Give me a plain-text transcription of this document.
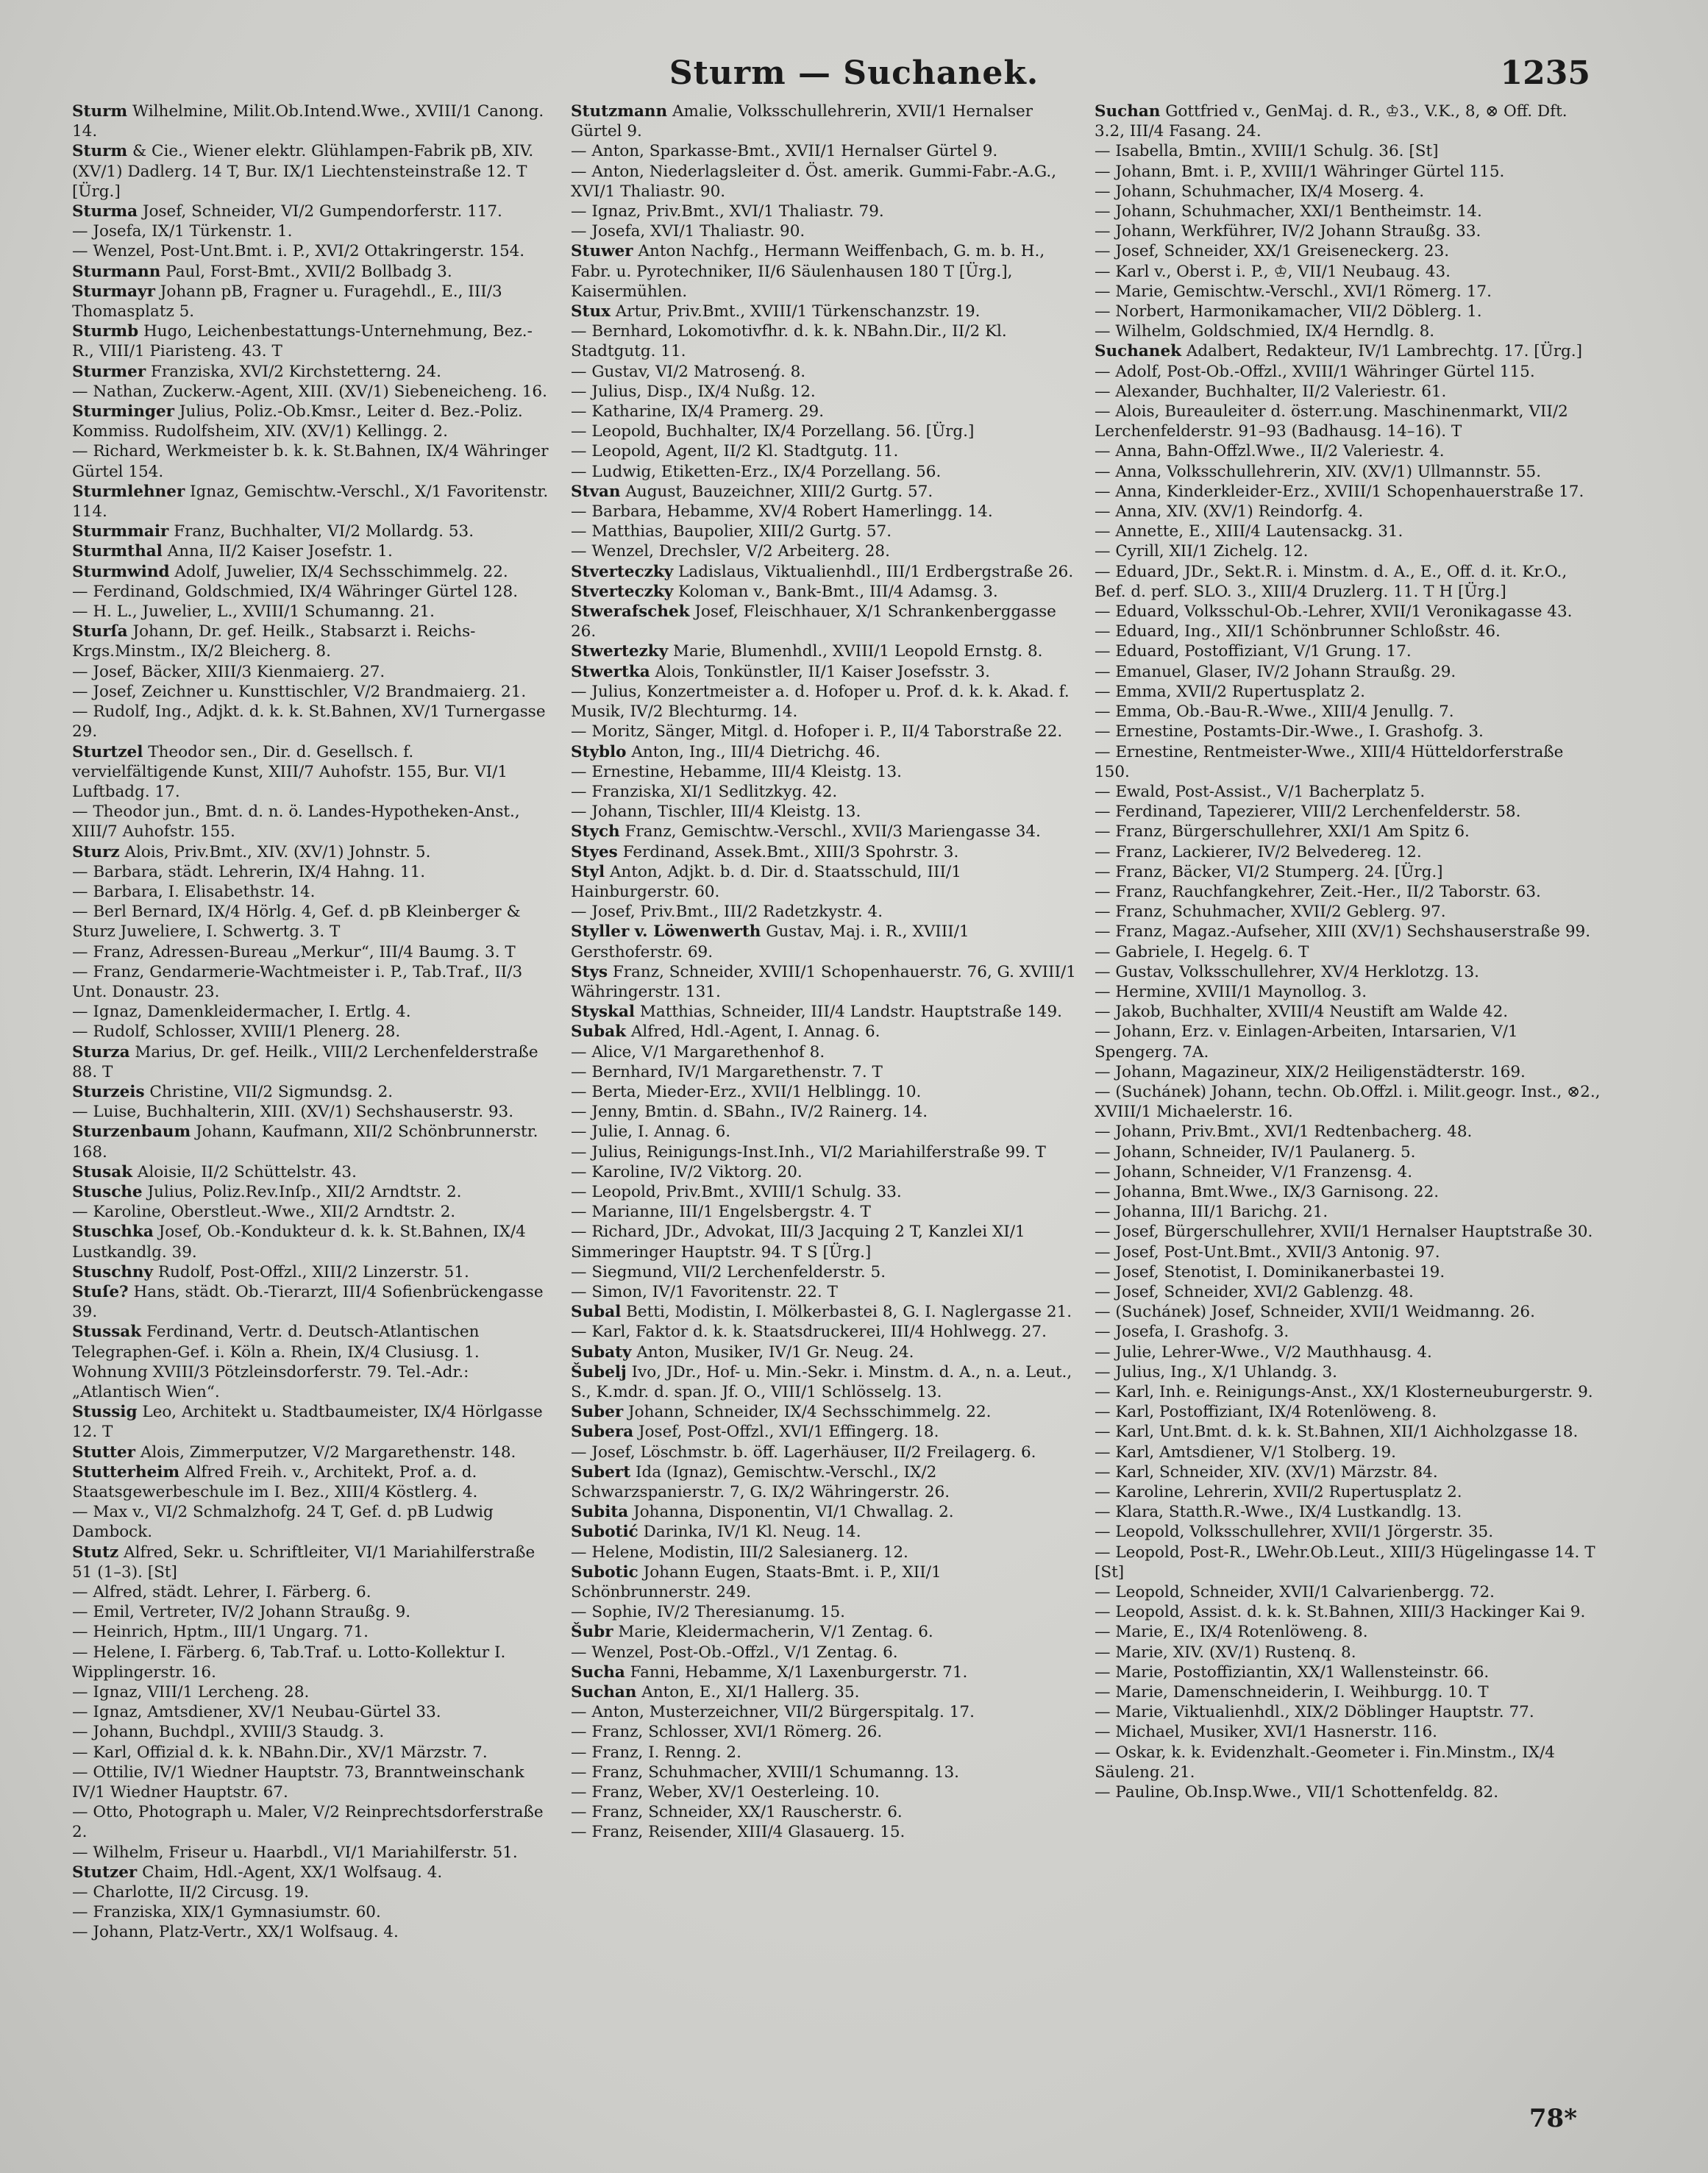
Sturm — Suchanek.	1235

Sturm Wilhelmine, Milit.Ob.Intend.Wwe., XVIII/1 Canong. 14.

Sturm & Cie., Wiener elektr. Glühlampen-Fabrik pB, XIV. (XV/1) Dadlerg. 14 T, Bur. IX/1 Liechtensteinstraße 12. T [Ürg.]

Sturma Josef, Schneider, VI/2 Gumpendorferstr. 117.

— Josefa, IX/1 Türkenstr. 1.

— Wenzel, Post-Unt.Bmt. i. P., XVI/2 Ottakringerstr. 154.

Sturmann Paul, Forst-Bmt., XVII/2 Bollbadg 3.

Sturmayr Johann pB, Fragner u. Furagehdl., E., III/3 Thomasplatz 5.

Sturmb Hugo, Leichenbestattungs-Unternehmung, Bez.-R., VIII/1 Piaristeng. 43. T

Sturmer Franziska, XVI/2 Kirchstetterng. 24.

— Nathan, Zuckerw.-Agent, XIII. (XV/1) Siebeneicheng. 16.

Sturminger Julius, Poliz.-Ob.Kmsr., Leiter d. Bez.-Poliz. Kommiss. Rudolfsheim, XIV. (XV/1) Kellingg. 2.

— Richard, Werkmeister b. k. k. St.Bahnen, IX/4 Währinger Gürtel 154.

Sturmlehner Ignaz, Gemischtw.-Verschl., X/1 Favoritenstr. 114.

Sturmmair Franz, Buchhalter, VI/2 Mollardg. 53.

Sturmthal Anna, II/2 Kaiser Josefstr. 1.

Sturmwind Adolf, Juwelier, IX/4 Sechsschimmelg. 22.

— Ferdinand, Goldschmied, IX/4 Währinger Gürtel 128.

— H. L., Juwelier, L., XVIII/1 Schumanng. 21.

Sturſa Johann, Dr. gef. Heilk., Stabsarzt i. Reichs-Krgs.Minstm., IX/2 Bleicherg. 8.

— Josef, Bäcker, XIII/3 Kienmaierg. 27.

— Josef, Zeichner u. Kunsttischler, V/2 Brandmaierg. 21.

— Rudolf, Ing., Adjkt. d. k. k. St.Bahnen, XV/1 Turnergasse 29.

Sturtzel Theodor sen., Dir. d. Gesellsch. f. vervielfältigende Kunst, XIII/7 Auhofstr. 155, Bur. VI/1 Luftbadg. 17.

— Theodor jun., Bmt. d. n. ö. Landes-Hypotheken-Anst., XIII/7 Auhofstr. 155.

Sturz Alois, Priv.Bmt., XIV. (XV/1) Johnstr. 5.

— Barbara, städt. Lehrerin, IX/4 Hahng. 11.

— Barbara, I. Elisabethstr. 14.

— Berl Bernard, IX/4 Hörlg. 4, Gef. d. pB Kleinberger & Sturz Juweliere, I. Schwertg. 3. T

— Franz, Adressen-Bureau „Merkur“, III/4 Baumg. 3. T

— Franz, Gendarmerie-Wachtmeister i. P., Tab.Traf., II/3 Unt. Donaustr. 23.

— Ignaz, Damenkleidermacher, I. Ertlg. 4.

— Rudolf, Schlosser, XVIII/1 Plenerg. 28.

Sturza Marius, Dr. gef. Heilk., VIII/2 Lerchenfelderstraße 88. T

Sturzeis Christine, VII/2 Sigmundsg. 2.

— Luise, Buchhalterin, XIII. (XV/1) Sechshauserstr. 93.

Sturzenbaum Johann, Kaufmann, XII/2 Schönbrunnerstr. 168.

Stusak Aloisie, II/2 Schüttelstr. 43.

Stusche Julius, Poliz.Rev.Inſp., XII/2 Arndtstr. 2.

— Karoline, Oberstleut.-Wwe., XII/2 Arndtstr. 2.

Stuschka Josef, Ob.-Kondukteur d. k. k. St.Bahnen, IX/4 Lustkandlg. 39.

Stuschny Rudolf, Post-Offzl., XIII/2 Linzerstr. 51.

Stuſe? Hans, städt. Ob.-Tierarzt, III/4 Sofienbrückengasse 39.

Stussak Ferdinand, Vertr. d. Deutsch-Atlantischen Telegraphen-Gef. i. Köln a. Rhein, IX/4 Clusiusg. 1. Wohnung XVIII/3 Pötzleinsdorferstr. 79. Tel.-Adr.: „Atlantisch Wien“.

Stussig Leo, Architekt u. Stadtbaumeister, IX/4 Hörlgasse 12. T

Stutter Alois, Zimmerputzer, V/2 Margarethenstr. 148.

Stutterheim Alfred Freih. v., Architekt, Prof. a. d. Staatsgewerbeschule im I. Bez., XIII/4 Köstlerg. 4.

— Max v., VI/2 Schmalzhofg. 24 T, Gef. d. pB Ludwig Dambock.

Stutz Alfred, Sekr. u. Schriftleiter, VI/1 Mariahilferstraße 51 (1–3). [St]

— Alfred, städt. Lehrer, I. Färberg. 6.

— Emil, Vertreter, IV/2 Johann Straußg. 9.

— Heinrich, Hptm., III/1 Ungarg. 71.

— Helene, I. Färberg. 6, Tab.Traf. u. Lotto-Kollektur I. Wipplingerstr. 16.

— Ignaz, VIII/1 Lercheng. 28.

— Ignaz, Amtsdiener, XV/1 Neubau-Gürtel 33.

— Johann, Buchdpl., XVIII/3 Staudg. 3.

— Karl, Offizial d. k. k. NBahn.Dir., XV/1 Märzstr. 7.

— Ottilie, IV/1 Wiedner Hauptstr. 73, Branntweinschank IV/1 Wiedner Hauptstr. 67.

— Otto, Photograph u. Maler, V/2 Reinprechtsdorferstraße 2.

— Wilhelm, Friseur u. Haarbdl., VI/1 Mariahilferstr. 51.

Stutzer Chaim, Hdl.-Agent, XX/1 Wolfsaug. 4.

— Charlotte, II/2 Circusg. 19.

— Franziska, XIX/1 Gymnasiumstr. 60.

— Johann, Platz-Vertr., XX/1 Wolfsaug. 4.

Stutzmann Amalie, Volksschullehrerin, XVII/1 Hernalser Gürtel 9.

— Anton, Sparkasse-Bmt., XVII/1 Hernalser Gürtel 9.

— Anton, Niederlagsleiter d. Öst. amerik. Gummi-Fabr.-A.G., XVI/1 Thaliastr. 90.

— Ignaz, Priv.Bmt., XVI/1 Thaliastr. 79.

— Josefa, XVI/1 Thaliastr. 90.

Stuwer Anton Nachfg., Hermann Weiffenbach, G. m. b. H., Fabr. u. Pyrotechniker, II/6 Säulenhausen 180 T [Ürg.], Kaisermühlen.

Stux Artur, Priv.Bmt., XVIII/1 Türkenschanzstr. 19.

— Bernhard, Lokomotivfhr. d. k. k. NBahn.Dir., II/2 Kl. Stadtgutg. 11.

— Gustav, VI/2 Matrosenǵ. 8.

— Julius, Disp., IX/4 Nußg. 12.

— Katharine, IX/4 Pramerg. 29.

— Leopold, Buchhalter, IX/4 Porzellang. 56. [Ürg.]

— Leopold, Agent, II/2 Kl. Stadtgutg. 11.

— Ludwig, Etiketten-Erz., IX/4 Porzellang. 56.

Stvan August, Bauzeichner, XIII/2 Gurtg. 57.

— Barbara, Hebamme, XV/4 Robert Hamerlingg. 14.

— Matthias, Baupolier, XIII/2 Gurtg. 57.

— Wenzel, Drechsler, V/2 Arbeiterg. 28.

Stverteczky Ladislaus, Viktualienhdl., III/1 Erdbergstraße 26.

Stverteczky Koloman v., Bank-Bmt., III/4 Adamsg. 3.

Stwerafschek Josef, Fleischhauer, X/1 Schrankenberggasse 26.

Stwertezky Marie, Blumenhdl., XVIII/1 Leopold Ernstg. 8.

Stwertka Alois, Tonkünstler, II/1 Kaiser Josefsstr. 3.

— Julius, Konzertmeister a. d. Hofoper u. Prof. d. k. k. Akad. f. Musik, IV/2 Blechturmg. 14.

— Moritz, Sänger, Mitgl. d. Hofoper i. P., II/4 Taborstraße 22.

Styblo Anton, Ing., III/4 Dietrichg. 46.

— Ernestine, Hebamme, III/4 Kleistg. 13.

— Franziska, XI/1 Sedlitzkyg. 42.

— Johann, Tischler, III/4 Kleistg. 13.

Stych Franz, Gemischtw.-Verschl., XVII/3 Mariengasse 34.

Styes Ferdinand, Assek.Bmt., XIII/3 Spohrstr. 3.

Styl Anton, Adjkt. b. d. Dir. d. Staatsschuld, III/1 Hainburgerstr. 60.

— Josef, Priv.Bmt., III/2 Radetzkystr. 4.

Styller v. Löwenwerth Gustav, Maj. i. R., XVIII/1 Gersthoferstr. 69.

Stys Franz, Schneider, XVIII/1 Schopenhauerstr. 76, G. XVIII/1 Währingerstr. 131.

Styskal Matthias, Schneider, III/4 Landstr. Hauptstraße 149.

Subak Alfred, Hdl.-Agent, I. Annag. 6.

— Alice, V/1 Margarethenhof 8.

— Bernhard, IV/1 Margarethenstr. 7. T

— Berta, Mieder-Erz., XVII/1 Helblingg. 10.

— Jenny, Bmtin. d. SBahn., IV/2 Rainerg. 14.

— Julie, I. Annag. 6.

— Julius, Reinigungs-Inst.Inh., VI/2 Mariahilferstraße 99. T

— Karoline, IV/2 Viktorg. 20.

— Leopold, Priv.Bmt., XVIII/1 Schulg. 33.

— Marianne, III/1 Engelsbergstr. 4. T

— Richard, JDr., Advokat, III/3 Jacquing 2 T, Kanzlei XI/1 Simmeringer Hauptstr. 94. T S [Ürg.]

— Siegmund, VII/2 Lerchenfelderstr. 5.

— Simon, IV/1 Favoritenstr. 22. T

Subal Betti, Modistin, I. Mölkerbastei 8, G. I. Naglergasse 21.

— Karl, Faktor d. k. k. Staatsdruckerei, III/4 Hohlwegg. 27.

Subaty Anton, Musiker, IV/1 Gr. Neug. 24.

Šubelj Ivo, JDr., Hof- u. Min.-Sekr. i. Minstm. d. A., n. a. Leut., S., K.mdr. d. span. Jf. O., VIII/1 Schlösselg. 13.

Suber Johann, Schneider, IX/4 Sechsschimmelg. 22.

Subera Josef, Post-Offzl., XVI/1 Effingerg. 18.

— Josef, Löschmstr. b. öff. Lagerhäuser, II/2 Freilagerg. 6.

Subert Ida (Ignaz), Gemischtw.-Verschl., IX/2 Schwarzspanierstr. 7, G. IX/2 Währingerstr. 26.

Subita Johanna, Disponentin, VI/1 Chwallag. 2.

Subotić Darinka, IV/1 Kl. Neug. 14.

— Helene, Modistin, III/2 Salesianerg. 12.

Subotic Johann Eugen, Staats-Bmt. i. P., XII/1 Schönbrunnerstr. 249.

— Sophie, IV/2 Theresianumg. 15.

Šubr Marie, Kleidermacherin, V/1 Zentag. 6.

— Wenzel, Post-Ob.-Offzl., V/1 Zentag. 6.

Sucha Fanni, Hebamme, X/1 Laxenburgerstr. 71.

Suchan Anton, E., XI/1 Hallerg. 35.

— Anton, Musterzeichner, VII/2 Bürgerspitalg. 17.

— Franz, Schlosser, XVI/1 Römerg. 26.

— Franz, I. Renng. 2.

— Franz, Schuhmacher, XVIII/1 Schumanng. 13.

— Franz, Weber, XV/1 Oesterleing. 10.

— Franz, Schneider, XX/1 Rauscherstr. 6.

— Franz, Reisender, XIII/4 Glasauerg. 15.

Suchan Gottfried v., GenMaj. d. R., ♔3., V.K., 8, ⊗ Off. Dft. 3.2, III/4 Fasang. 24.

— Isabella, Bmtin., XVIII/1 Schulg. 36. [St]

— Johann, Bmt. i. P., XVIII/1 Währinger Gürtel 115.

— Johann, Schuhmacher, IX/4 Moserg. 4.

— Johann, Schuhmacher, XXI/1 Bentheimstr. 14.

— Johann, Werkführer, IV/2 Johann Straußg. 33.

— Josef, Schneider, XX/1 Greiseneckerg. 23.

— Karl v., Oberst i. P., ♔, VII/1 Neubaug. 43.

— Marie, Gemischtw.-Verschl., XVI/1 Römerg. 17.

— Norbert, Harmonikamacher, VII/2 Döblerg. 1.

— Wilhelm, Goldschmied, IX/4 Herndlg. 8.

Suchanek Adalbert, Redakteur, IV/1 Lambrechtg. 17. [Ürg.]

— Adolf, Post-Ob.-Offzl., XVIII/1 Währinger Gürtel 115.

— Alexander, Buchhalter, II/2 Valeriestr. 61.

— Alois, Bureauleiter d. österr.ung. Maschinenmarkt, VII/2 Lerchenfelderstr. 91–93 (Badhausg. 14–16). T

— Anna, Bahn-Offzl.Wwe., II/2 Valeriestr. 4.

— Anna, Volksschullehrerin, XIV. (XV/1) Ullmannstr. 55.

— Anna, Kinderkleider-Erz., XVIII/1 Schopenhauerstraße 17.

— Anna, XIV. (XV/1) Reindorfg. 4.

— Annette, E., XIII/4 Lautensackg. 31.

— Cyrill, XII/1 Zichelg. 12.

— Eduard, JDr., Sekt.R. i. Minstm. d. A., E., Off. d. it. Kr.O., Bef. d. perf. SLO. 3., XIII/4 Druzlerg. 11. T H [Ürg.]

— Eduard, Volksschul-Ob.-Lehrer, XVII/1 Veronikagasse 43.

— Eduard, Ing., XII/1 Schönbrunner Schloßstr. 46.

— Eduard, Postoffiziant, V/1 Grung. 17.

— Emanuel, Glaser, IV/2 Johann Straußg. 29.

— Emma, XVII/2 Rupertusplatz 2.

— Emma, Ob.-Bau-R.-Wwe., XIII/4 Jenullg. 7.

— Ernestine, Postamts-Dir.-Wwe., I. Grashofg. 3.

— Ernestine, Rentmeister-Wwe., XIII/4 Hütteldorferstraße 150.

— Ewald, Post-Assist., V/1 Bacherplatz 5.

— Ferdinand, Tapezierer, VIII/2 Lerchenfelderstr. 58.

— Franz, Bürgerschullehrer, XXI/1 Am Spitz 6.

— Franz, Lackierer, IV/2 Belvedereg. 12.

— Franz, Bäcker, VI/2 Stumperg. 24. [Ürg.]

— Franz, Rauchfangkehrer, Zeit.-Her., II/2 Taborstr. 63.

— Franz, Schuhmacher, XVII/2 Geblerg. 97.

— Franz, Magaz.-Aufseher, XIII (XV/1) Sechshauserstraße 99.

— Gabriele, I. Hegelg. 6. T

— Gustav, Volksschullehrer, XV/4 Herklotzg. 13.

— Hermine, XVIII/1 Maynollog. 3.

— Jakob, Buchhalter, XVIII/4 Neustift am Walde 42.

— Johann, Erz. v. Einlagen-Arbeiten, Intarsarien, V/1 Spengerg. 7A.

— Johann, Magazineur, XIX/2 Heiligenstädterstr. 169.

— (Suchánek) Johann, techn. Ob.Offzl. i. Milit.geogr. Inst., ⊗2., XVIII/1 Michaelerstr. 16.

— Johann, Priv.Bmt., XVI/1 Redtenbacherg. 48.

— Johann, Schneider, IV/1 Paulanerg. 5.

— Johann, Schneider, V/1 Franzensg. 4.

— Johanna, Bmt.Wwe., IX/3 Garnisong. 22.

— Johanna, III/1 Barichg. 21.

— Josef, Bürgerschullehrer, XVII/1 Hernalser Hauptstraße 30.

— Josef, Post-Unt.Bmt., XVII/3 Antonig. 97.

— Josef, Stenotist, I. Dominikanerbastei 19.

— Josef, Schneider, XVI/2 Gablenzg. 48.

— (Suchánek) Josef, Schneider, XVII/1 Weidmanng. 26.

— Josefa, I. Grashofg. 3.

— Julie, Lehrer-Wwe., V/2 Mauthhausg. 4.

— Julius, Ing., X/1 Uhlandg. 3.

— Karl, Inh. e. Reinigungs-Anst., XX/1 Klosterneuburgerstr. 9.

— Karl, Postoffiziant, IX/4 Rotenlöweng. 8.

— Karl, Unt.Bmt. d. k. k. St.Bahnen, XII/1 Aichholzgasse 18.

— Karl, Amtsdiener, V/1 Stolberg. 19.

— Karl, Schneider, XIV. (XV/1) Märzstr. 84.

— Karoline, Lehrerin, XVII/2 Rupertusplatz 2.

— Klara, Statth.R.-Wwe., IX/4 Lustkandlg. 13.

— Leopold, Volksschullehrer, XVII/1 Jörgerstr. 35.

— Leopold, Post-R., LWehr.Ob.Leut., XIII/3 Hügelingasse 14. T [St]

— Leopold, Schneider, XVII/1 Calvarienbergg. 72.

— Leopold, Assist. d. k. k. St.Bahnen, XIII/3 Hackinger Kai 9.

— Marie, E., IX/4 Rotenlöweng. 8.

— Marie, XIV. (XV/1) Rustenq. 8.

— Marie, Postoffiziantin, XX/1 Wallensteinstr. 66.

— Marie, Damenschneiderin, I. Weihburgg. 10. T

— Marie, Viktualienhdl., XIX/2 Döblinger Hauptstr. 77.

— Michael, Musiker, XVI/1 Hasnerstr. 116.

— Oskar, k. k. Evidenzhalt.-Geometer i. Fin.Minstm., IX/4 Säuleng. 21.

— Pauline, Ob.Insp.Wwe., VII/1 Schottenfeldg. 82.

78*
